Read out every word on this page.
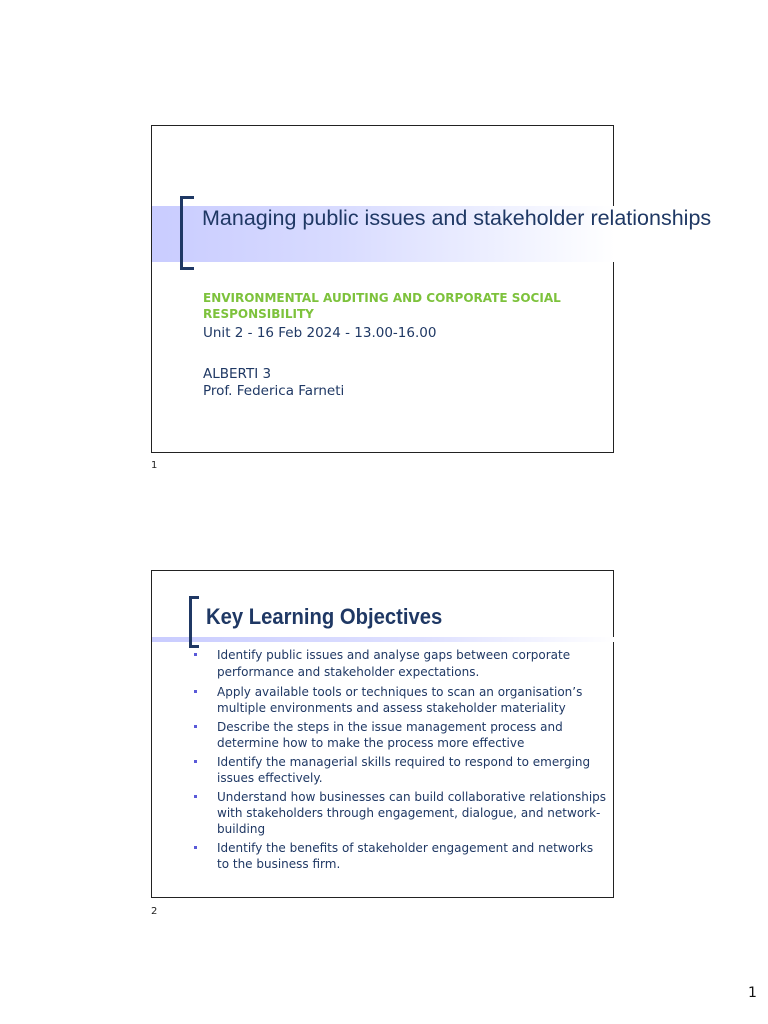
Managing public issues and stakeholder relationships
ENVIRONMENTAL AUDITING AND CORPORATE SOCIAL RESPONSIBILITY
Unit 2 - 16 Feb 2024 - 13.00-16.00
ALBERTI 3
Prof. Federica Farneti
1
Key Learning Objectives
Identify public issues and analyse gaps between corporate performance and stakeholder expectations.
Apply available tools or techniques to scan an organisation’s multiple environments and assess stakeholder materiality
Describe the steps in the issue management process and determine how to make the process more effective
Identify the managerial skills required to respond to emerging issues effectively.
Understand how businesses can build collaborative relationships with stakeholders through engagement, dialogue, and network-building
Identify the benefits of stakeholder engagement and networks to the business firm.
2
1
